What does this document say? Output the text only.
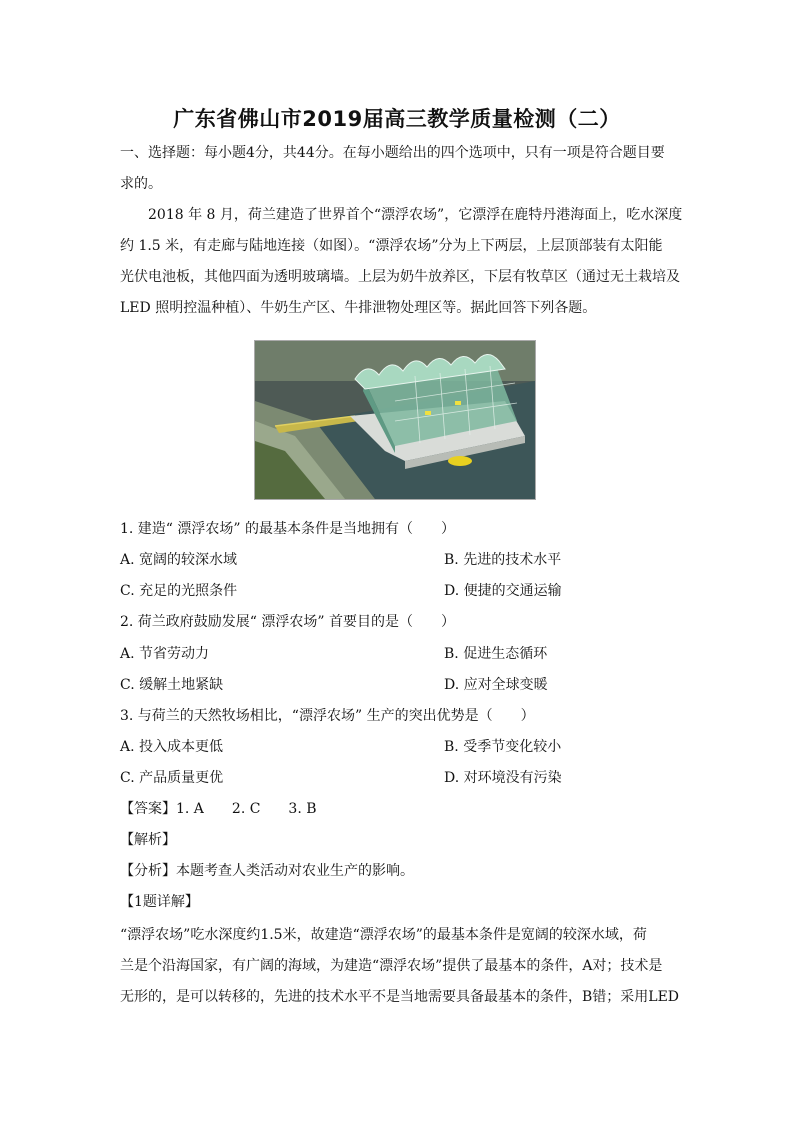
广东省佛山市2019届高三教学质量检测（二）
一、选择题：每小题4分，共44分。在每小题给出的四个选项中，只有一项是符合题目要
求的。
2018 年 8 月，荷兰建造了世界首个“漂浮农场”，它漂浮在鹿特丹港海面上，吃水深度
约 1.5 米，有走廊与陆地连接（如图）。“漂浮农场”分为上下两层，上层顶部装有太阳能
光伏电池板，其他四面为透明玻璃墙。上层为奶牛放养区，下层有牧草区（通过无土栽培及
LED 照明控温种植）、牛奶生产区、牛排泄物处理区等。据此回答下列各题。
1. 建造“ 漂浮农场” 的最基本条件是当地拥有（　　）
A. 宽阔的较深水域	B. 先进的技术水平
C. 充足的光照条件	D. 便捷的交通运输
2. 荷兰政府鼓励发展“ 漂浮农场” 首要目的是（　　）
A. 节省劳动力	B. 促进生态循环
C. 缓解土地紧缺	D. 应对全球变暖
3. 与荷兰的天然牧场相比，“漂浮农场” 生产的突出优势是（　　）
A. 投入成本更低	B. 受季节变化较小
C. 产品质量更优	D. 对环境没有污染
【答案】1. A　　2. C　　3. B
【解析】
【分析】本题考查人类活动对农业生产的影响。
【1题详解】
“漂浮农场”吃水深度约1.5米，故建造“漂浮农场”的最基本条件是宽阔的较深水域，荷
兰是个沿海国家，有广阔的海域，为建造“漂浮农场”提供了最基本的条件，A对；技术是
无形的，是可以转移的，先进的技术水平不是当地需要具备最基本的条件，B错；采用LED
